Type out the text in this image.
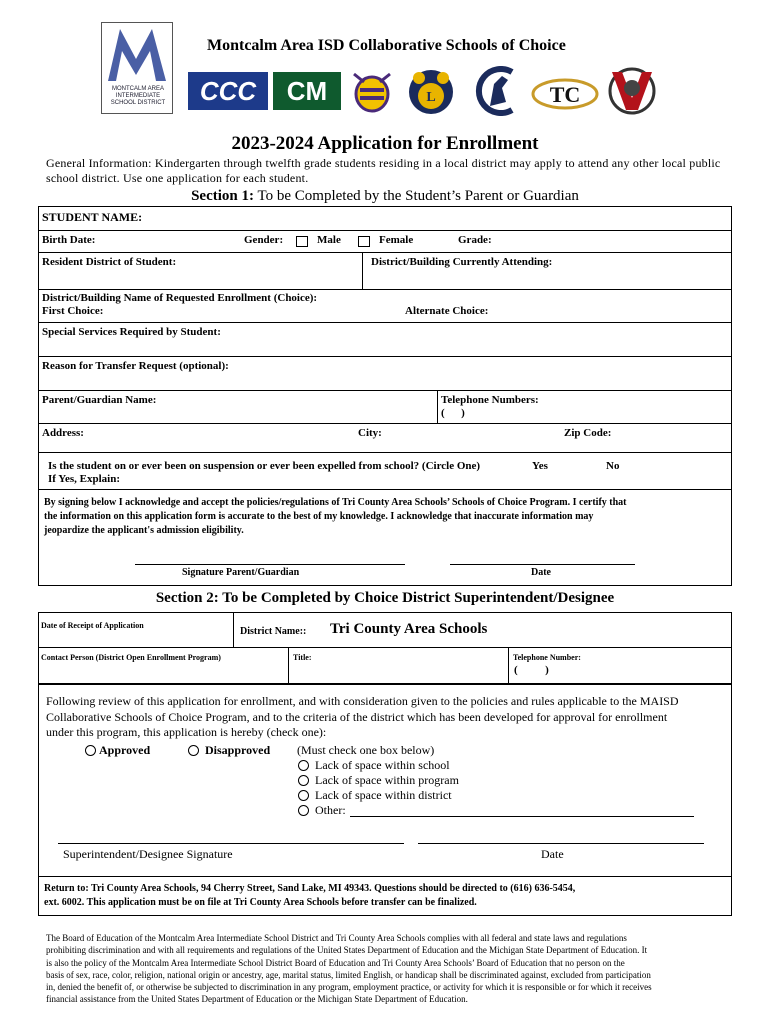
MONTCALM AREA INTERMEDIATE SCHOOL DISTRICT
Montcalm Area ISD Collaborative Schools of Choice
CCC	CM	L	TC
2023-2024 Application for Enrollment
General Information: Kindergarten through twelfth grade students residing in a local district may apply to attend any other local public school district. Use one application for each student.
Section 1: To be Completed by the Student’s Parent or Guardian
STUDENT NAME:
Birth Date:	Gender:	Male	Female	Grade:
Resident District of Student:	District/Building Currently Attending:
District/Building Name of Requested Enrollment (Choice):
First Choice:	Alternate Choice:
Special Services Required by Student:
Reason for Transfer Request (optional):
Parent/Guardian Name:	Telephone Numbers:
(      )
Address:	City:	Zip Code:
Is the student on or ever been on suspension or ever been expelled from school? (Circle One)	Yes	No
If Yes, Explain:
By signing below I acknowledge and accept the policies/regulations of Tri County Area Schools’ Schools of Choice Program. I certify that
the information on this application form is accurate to the best of my knowledge. I acknowledge that inaccurate information may
jeopardize the applicant's admission eligibility.
Signature Parent/Guardian	Date
Section 2: To be Completed by Choice District Superintendent/Designee
Date of Receipt of Application
District Name:: Tri County Area Schools
Contact Person (District Open Enrollment Program)	Title:	Telephone Number:
(          )
Following review of this application for enrollment, and with consideration given to the policies and rules applicable to the MAISD
Collaborative Schools of Choice Program, and to the criteria of the district which has been developed for approval for enrollment
under this program, this application is hereby (check one):
Approved	Disapproved (Must check one box below)
Lack of space within school
Lack of space within program
Lack of space within district
Other:
Superintendent/Designee Signature	Date
Return to: Tri County Area Schools, 94 Cherry Street, Sand Lake, MI 49343. Questions should be directed to (616) 636-5454,
ext. 6002. This application must be on file at Tri County Area Schools before transfer can be finalized.
The Board of Education of the Montcalm Area Intermediate School District and Tri County Area Schools complies with all federal and state laws and regulations
prohibiting discrimination and with all requirements and regulations of the United States Department of Education and the Michigan State Department of Education. It
is also the policy of the Montcalm Area Intermediate School District Board of Education and Tri County Area Schools’ Board of Education that no person on the
basis of sex, race, color, religion, national origin or ancestry, age, marital status, limited English, or handicap shall be discriminated against, excluded from participation
in, denied the benefit of, or otherwise be subjected to discrimination in any program, employment practice, or activity for which it is responsible or for which it receives
financial assistance from the United States Department of Education or the Michigan State Department of Education.
